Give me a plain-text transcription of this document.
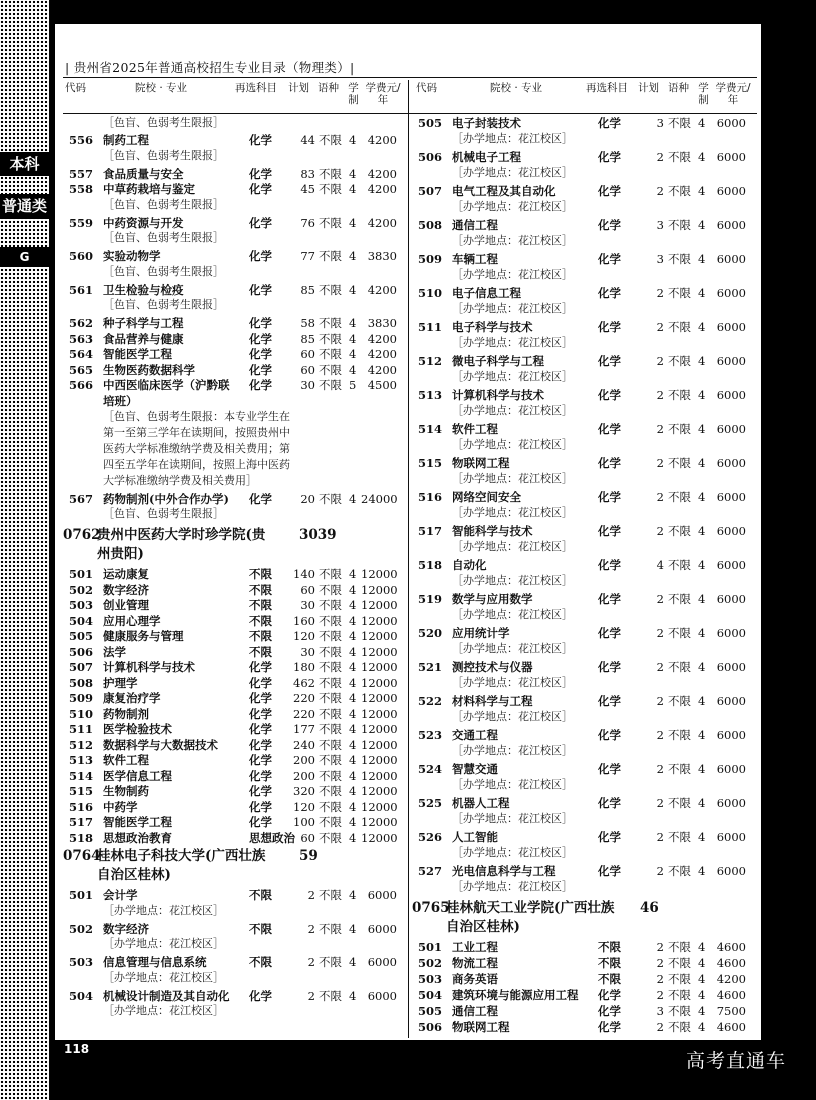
本科
普通类
G
| 贵州省2025年普通高校招生专业目录（物理类）|
代码	院校 · 专业	再选科目 计划 语种 学制
学费元/年
代码	院校 · 专业	再选科目 计划 语种 学制
学费元/年
［色盲、色弱考生限报］
556 制药工程	化学	44 不限 4 4200
［色盲、色弱考生限报］
557 食品质量与安全	化学	83 不限 4 4200
558 中草药栽培与鉴定	化学	45 不限 4 4200
［色盲、色弱考生限报］
559 中药资源与开发	化学	76 不限 4 4200
［色盲、色弱考生限报］
560 实验动物学	化学	77 不限 4 3830
［色盲、色弱考生限报］
561 卫生检验与检疫	化学	85 不限 4 4200
［色盲、色弱考生限报］
562 种子科学与工程	化学	58 不限 4 3830
563 食品营养与健康	化学	85 不限 4 4200
564 智能医学工程	化学	60 不限 4 4200
565 生物医药数据科学	化学	60 不限 4 4200
566 中西医临床医学（沪黔联 化学	30 不限 5 4500
培班）
［色盲、色弱考生限报：本专业学生在第一至第三学年在读期间，按照贵州中医药大学标准缴纳学费及相关费用；第四至五学年在读期间，按照上海中医药大学标准缴纳学费及相关费用］
567 药物制剂(中外合作办学) 化学	20 不限 4 24000
［色盲、色弱考生限报］
0762
贵州中医药大学时珍学院(贵 3039
州贵阳)
501 运动康复	不限	140 不限 4 12000
502 数字经济	不限	60 不限 4 12000
503 创业管理	不限	30 不限 4 12000
504 应用心理学	不限	160 不限 4 12000
505 健康服务与管理	不限	120 不限 4 12000
506 法学	不限	30 不限 4 12000
507 计算机科学与技术	化学	180 不限 4 12000
508 护理学	化学	462 不限 4 12000
509 康复治疗学	化学	220 不限 4 12000
510 药物制剂	化学	220 不限 4 12000
511 医学检验技术	化学	177 不限 4 12000
512 数据科学与大数据技术	化学	240 不限 4 12000
513 软件工程	化学	200 不限 4 12000
514 医学信息工程	化学	200 不限 4 12000
515 生物制药	化学	320 不限 4 12000
516 中药学	化学	120 不限 4 12000
517 智能医学工程	化学	100 不限 4 12000
518 思想政治教育	思想政治 60 不限 4 12000
0764
桂林电子科技大学(广西壮族 59
自治区桂林)
501 会计学	不限	2 不限 4 6000
［办学地点：花江校区］
502 数字经济	不限	2 不限 4 6000
［办学地点：花江校区］
503 信息管理与信息系统	不限	2 不限 4 6000
［办学地点：花江校区］
504 机械设计制造及其自动化 化学	2 不限 4 6000
［办学地点：花江校区］
505 电子封装技术	化学	3 不限 4 6000
［办学地点：花江校区］
506 机械电子工程	化学	2 不限 4 6000
［办学地点：花江校区］
507 电气工程及其自动化	化学	2 不限 4 6000
［办学地点：花江校区］
508 通信工程	化学	3 不限 4 6000
［办学地点：花江校区］
509 车辆工程	化学	3 不限 4 6000
［办学地点：花江校区］
510 电子信息工程	化学	2 不限 4 6000
［办学地点：花江校区］
511 电子科学与技术	化学	2 不限 4 6000
［办学地点：花江校区］
512 微电子科学与工程	化学	2 不限 4 6000
［办学地点：花江校区］
513 计算机科学与技术	化学	2 不限 4 6000
［办学地点：花江校区］
514 软件工程	化学	2 不限 4 6000
［办学地点：花江校区］
515 物联网工程	化学	2 不限 4 6000
［办学地点：花江校区］
516 网络空间安全	化学	2 不限 4 6000
［办学地点：花江校区］
517 智能科学与技术	化学	2 不限 4 6000
［办学地点：花江校区］
518 自动化	化学	4 不限 4 6000
［办学地点：花江校区］
519 数学与应用数学	化学	2 不限 4 6000
［办学地点：花江校区］
520 应用统计学	化学	2 不限 4 6000
［办学地点：花江校区］
521 测控技术与仪器	化学	2 不限 4 6000
［办学地点：花江校区］
522 材料科学与工程	化学	2 不限 4 6000
［办学地点：花江校区］
523 交通工程	化学	2 不限 4 6000
［办学地点：花江校区］
524 智慧交通	化学	2 不限 4 6000
［办学地点：花江校区］
525 机器人工程	化学	2 不限 4 6000
［办学地点：花江校区］
526 人工智能	化学	2 不限 4 6000
［办学地点：花江校区］
527 光电信息科学与工程	化学	2 不限 4 6000
［办学地点：花江校区］
0765
桂林航天工业学院(广西壮族 46
自治区桂林)
501 工业工程	不限	2 不限 4 4600
502 物流工程	不限	2 不限 4 4600
503 商务英语	不限	2 不限 4 4200
504 建筑环境与能源应用工程 化学	2 不限 4 4600
505 通信工程	化学	3 不限 4 7500
506 物联网工程	化学	2 不限 4 4600
118
高考直通车
